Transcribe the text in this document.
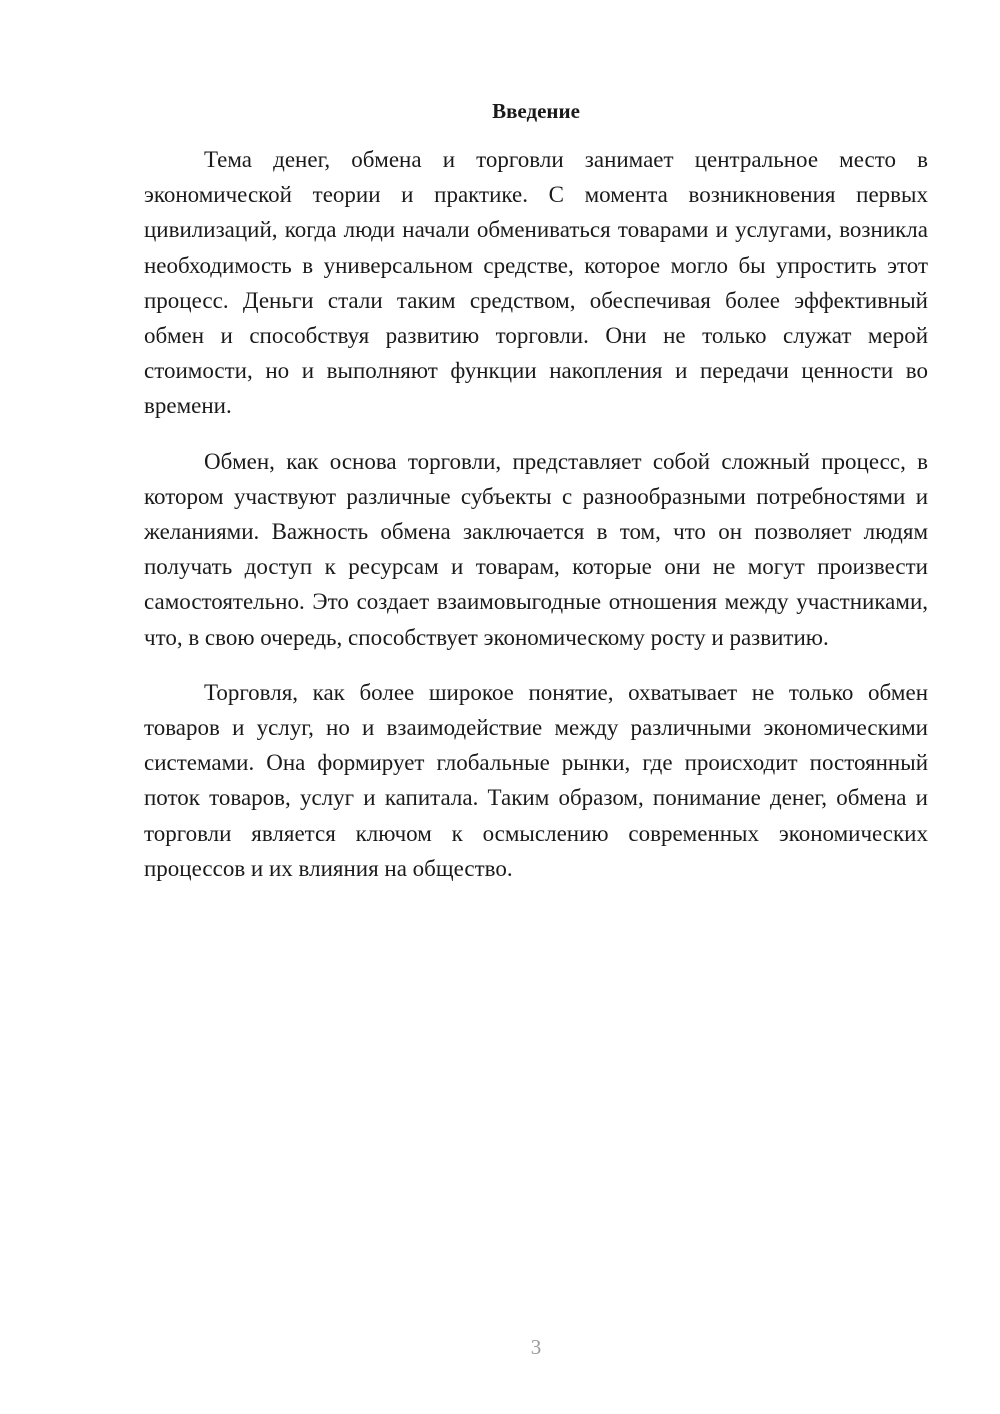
Введение

Тема денег, обмена и торговли занимает центральное место в экономической теории и практике. С момента возникновения первых цивилизаций, когда люди начали обмениваться товарами и услугами, возникла необходимость в универсальном средстве, которое могло бы упростить этот процесс. Деньги стали таким средством, обеспечивая более эффективный обмен и способствуя развитию торговли. Они не только служат мерой стоимости, но и выполняют функции накопления и передачи ценности во времени.

Обмен, как основа торговли, представляет собой сложный процесс, в котором участвуют различные субъекты с разнообразными потребностями и желаниями. Важность обмена заключается в том, что он позволяет людям получать доступ к ресурсам и товарам, которые они не могут произвести самостоятельно. Это создает взаимовыгодные отношения между участниками, что, в свою очередь, способствует экономическому росту и развитию.

Торговля, как более широкое понятие, охватывает не только обмен товаров и услуг, но и взаимодействие между различными экономическими системами. Она формирует глобальные рынки, где происходит постоянный поток товаров, услуг и капитала. Таким образом, понимание денег, обмена и торговли является ключом к осмыслению современных экономических процессов и их влияния на общество.

3
